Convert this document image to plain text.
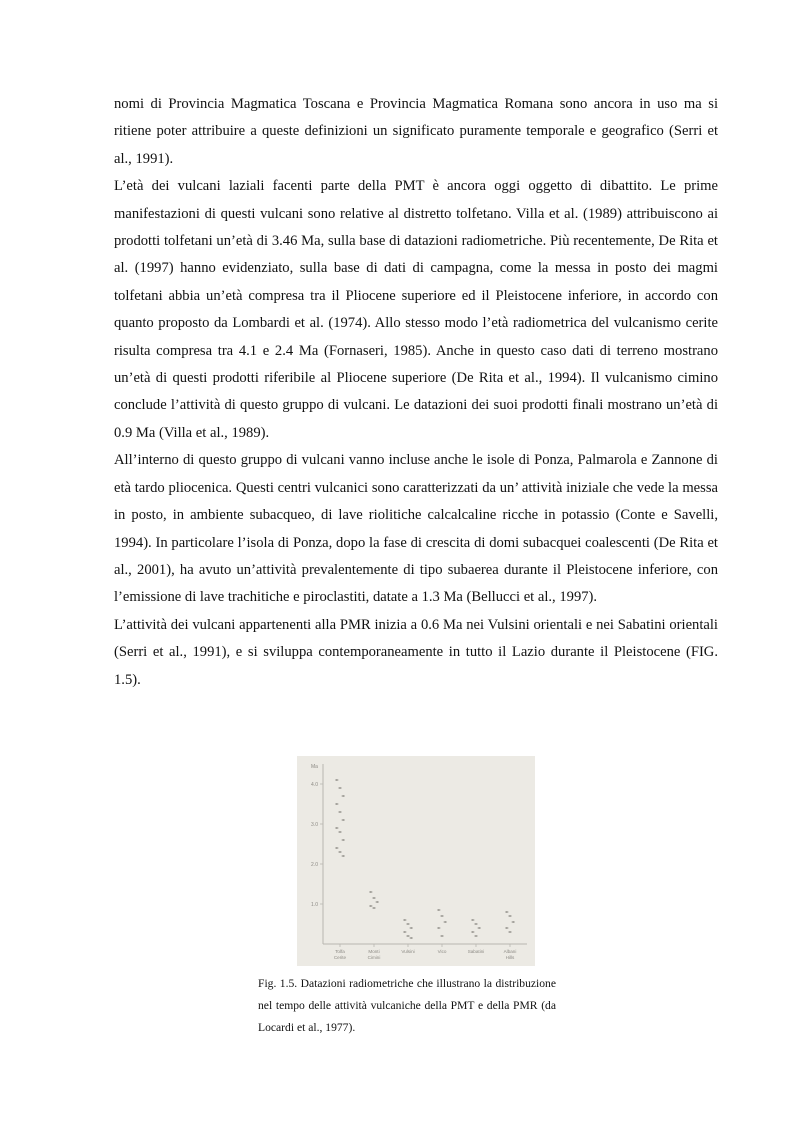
nomi di Provincia Magmatica Toscana e Provincia Magmatica Romana sono ancora in uso ma si ritiene poter attribuire a queste definizioni un significato puramente temporale e geografico (Serri et al., 1991).

L’età dei vulcani laziali facenti parte della PMT è ancora oggi oggetto di dibattito. Le prime manifestazioni di questi vulcani sono relative al distretto tolfetano. Villa et al. (1989) attribuiscono ai prodotti tolfetani un’età di 3.46 Ma, sulla base di datazioni radiometriche. Più recentemente, De Rita et al. (1997) hanno evidenziato, sulla base di dati di campagna, come la messa in posto dei magmi tolfetani abbia un’età compresa tra il Pliocene superiore ed il Pleistocene inferiore, in accordo con quanto proposto da Lombardi et al. (1974). Allo stesso modo l’età radiometrica del vulcanismo cerite risulta compresa tra 4.1 e 2.4 Ma (Fornaseri, 1985). Anche in questo caso dati di terreno mostrano un’età di questi prodotti riferibile al Pliocene superiore (De Rita et al., 1994). Il vulcanismo cimino conclude l’attività di questo gruppo di vulcani. Le datazioni dei suoi prodotti finali mostrano un’età di 0.9 Ma (Villa et al., 1989).

All’interno di questo gruppo di vulcani vanno incluse anche le isole di Ponza, Palmarola e Zannone di età tardo pliocenica. Questi centri vulcanici sono caratterizzati da un’ attività iniziale che vede la messa in posto, in ambiente subacqueo, di lave riolitiche calcalcaline ricche in potassio (Conte e Savelli, 1994). In particolare l’isola di Ponza, dopo la fase di crescita di domi subacquei coalescenti (De Rita et al., 2001), ha avuto un’attività prevalentemente di tipo subaerea durante il Pleistocene inferiore, con l’emissione di lave trachitiche e piroclastiti, datate a 1.3 Ma (Bellucci et al., 1997).

L’attività dei vulcani appartenenti alla PMR inizia a 0.6 Ma nei Vulsini orientali e nei Sabatini orientali (Serri et al., 1991), e si sviluppa contemporaneamente in tutto il Lazio durante il Pleistocene (FIG. 1.5).

Ma
4.0
3.0
2.0
1.0
Tolfa
Cerite
Monti
Cimini
Vulsini	Vico	Sabatini	Albani
Hills
Fig. 1.5. Datazioni radiometriche che illustrano la distribuzione nel tempo delle attività vulcaniche della PMT e della PMR (da Locardi et al., 1977).
